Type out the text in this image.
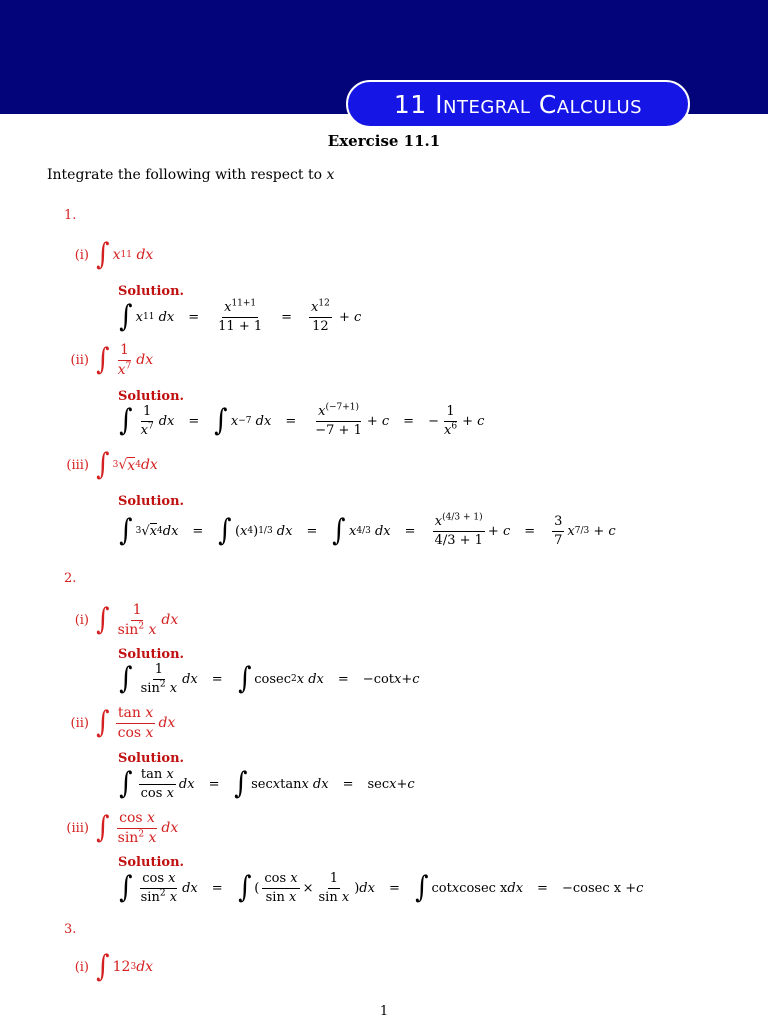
11 Integral Calculus
Exercise 11.1
Integrate the following with respect to x
1.
(i) ∫ x 11 dx
Solution.
∫ x 11 dx = $\frac{x^{11+1}}{11 + 1} = \frac{x^{12}}{12} + c$
(ii) ∫ $\frac{1}{x^7}$ dx
Solution.
∫ $\frac{1}{x^7}$ dx = ∫ x −7 dx = $\frac{x^{(-7+1)}}{-7 + 1} + c$ = − $\frac{1}{x^6} + c$
(iii) ∫ 3 √ x 4 dx
Solution.
∫ 3 √ x 4 dx = ∫ ( x 4 ) 1/3 dx = ∫ x 4/3 dx = $\frac{x^{(4/3 + 1)}}{4/3 + 1} + c = \frac{3}{7}$ x 7/3 + c
2.
(i) ∫ $\frac{1}{\sin^2 x}$ dx
Solution.
∫ $\frac{1}{\sin^2 x}$ dx = ∫ cosec 2 x dx = −cot x + c
(ii) ∫ $\frac{\text{tan x}}{\text{cos x}}$ dx
Solution.
∫ $\frac{\text{tan x}}{\text{cos x}}$ dx = ∫ sec x tan x dx = sec x + c
(iii) ∫ $\frac{\text{cos x}}{\sin^2 x}$ dx
Solution.
∫ $\frac{\text{cos x}}{\sin^2 x}$ dx = ∫ ( $\frac{\text{cos x}}{\text{sin x}} \times \frac{1}{\text{sin x}}$ ) dx = ∫ cot x cosec x dx = −cosec x + c
3.
(i) ∫ 12 3 dx
1
